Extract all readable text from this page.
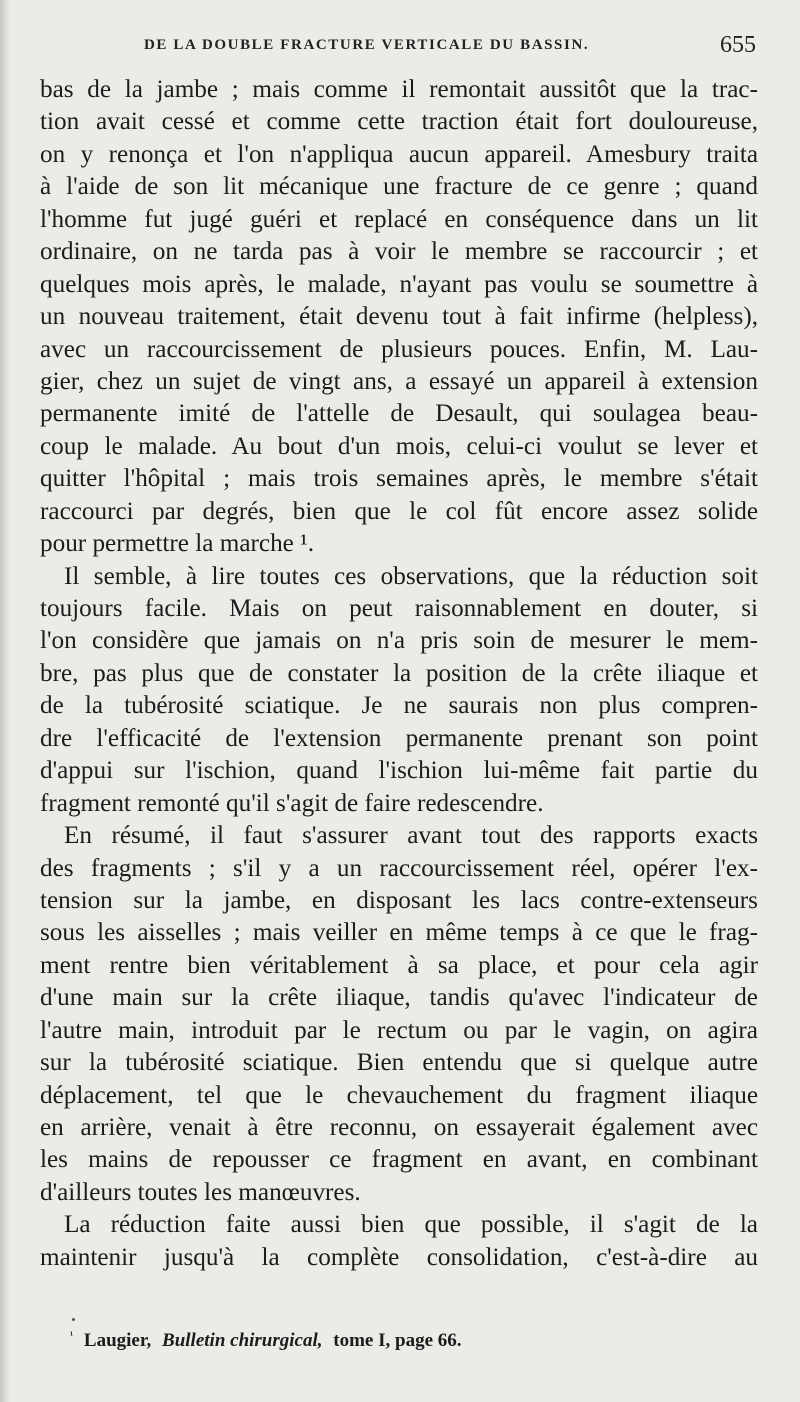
DE LA DOUBLE FRACTURE VERTICALE DU BASSIN.	655
bas de la jambe ; mais comme il remontait aussitôt que la trac-
tion avait cessé et comme cette traction était fort douloureuse,
on y renonça et l'on n'appliqua aucun appareil. Amesbury traita
à l'aide de son lit mécanique une fracture de ce genre ; quand
l'homme fut jugé guéri et replacé en conséquence dans un lit
ordinaire, on ne tarda pas à voir le membre se raccourcir ; et
quelques mois après, le malade, n'ayant pas voulu se soumettre à
un nouveau traitement, était devenu tout à fait infirme (helpless),
avec un raccourcissement de plusieurs pouces. Enfin, M. Lau-
gier, chez un sujet de vingt ans, a essayé un appareil à extension
permanente imité de l'attelle de Desault, qui soulagea beau-
coup le malade. Au bout d'un mois, celui-ci voulut se lever et
quitter l'hôpital ; mais trois semaines après, le membre s'était
raccourci par degrés, bien que le col fût encore assez solide
pour permettre la marche ¹.
Il semble, à lire toutes ces observations, que la réduction soit
toujours facile. Mais on peut raisonnablement en douter, si
l'on considère que jamais on n'a pris soin de mesurer le mem-
bre, pas plus que de constater la position de la crête iliaque et
de la tubérosité sciatique. Je ne saurais non plus compren-
dre l'efficacité de l'extension permanente prenant son point
d'appui sur l'ischion, quand l'ischion lui-même fait partie du
fragment remonté qu'il s'agit de faire redescendre.
En résumé, il faut s'assurer avant tout des rapports exacts
des fragments ; s'il y a un raccourcissement réel, opérer l'ex-
tension sur la jambe, en disposant les lacs contre-extenseurs
sous les aisselles ; mais veiller en même temps à ce que le frag-
ment rentre bien véritablement à sa place, et pour cela agir
d'une main sur la crête iliaque, tandis qu'avec l'indicateur de
l'autre main, introduit par le rectum ou par le vagin, on agira
sur la tubérosité sciatique. Bien entendu que si quelque autre
déplacement, tel que le chevauchement du fragment iliaque
en arrière, venait à être reconnu, on essayerait également avec
les mains de repousser ce fragment en avant, en combinant
d'ailleurs toutes les manœuvres.
La réduction faite aussi bien que possible, il s'agit de la
maintenir jusqu'à la complète consolidation, c'est-à-dire au
$^{^1}$ Laugier, Bulletin chirurgical, tome I, page 66.
